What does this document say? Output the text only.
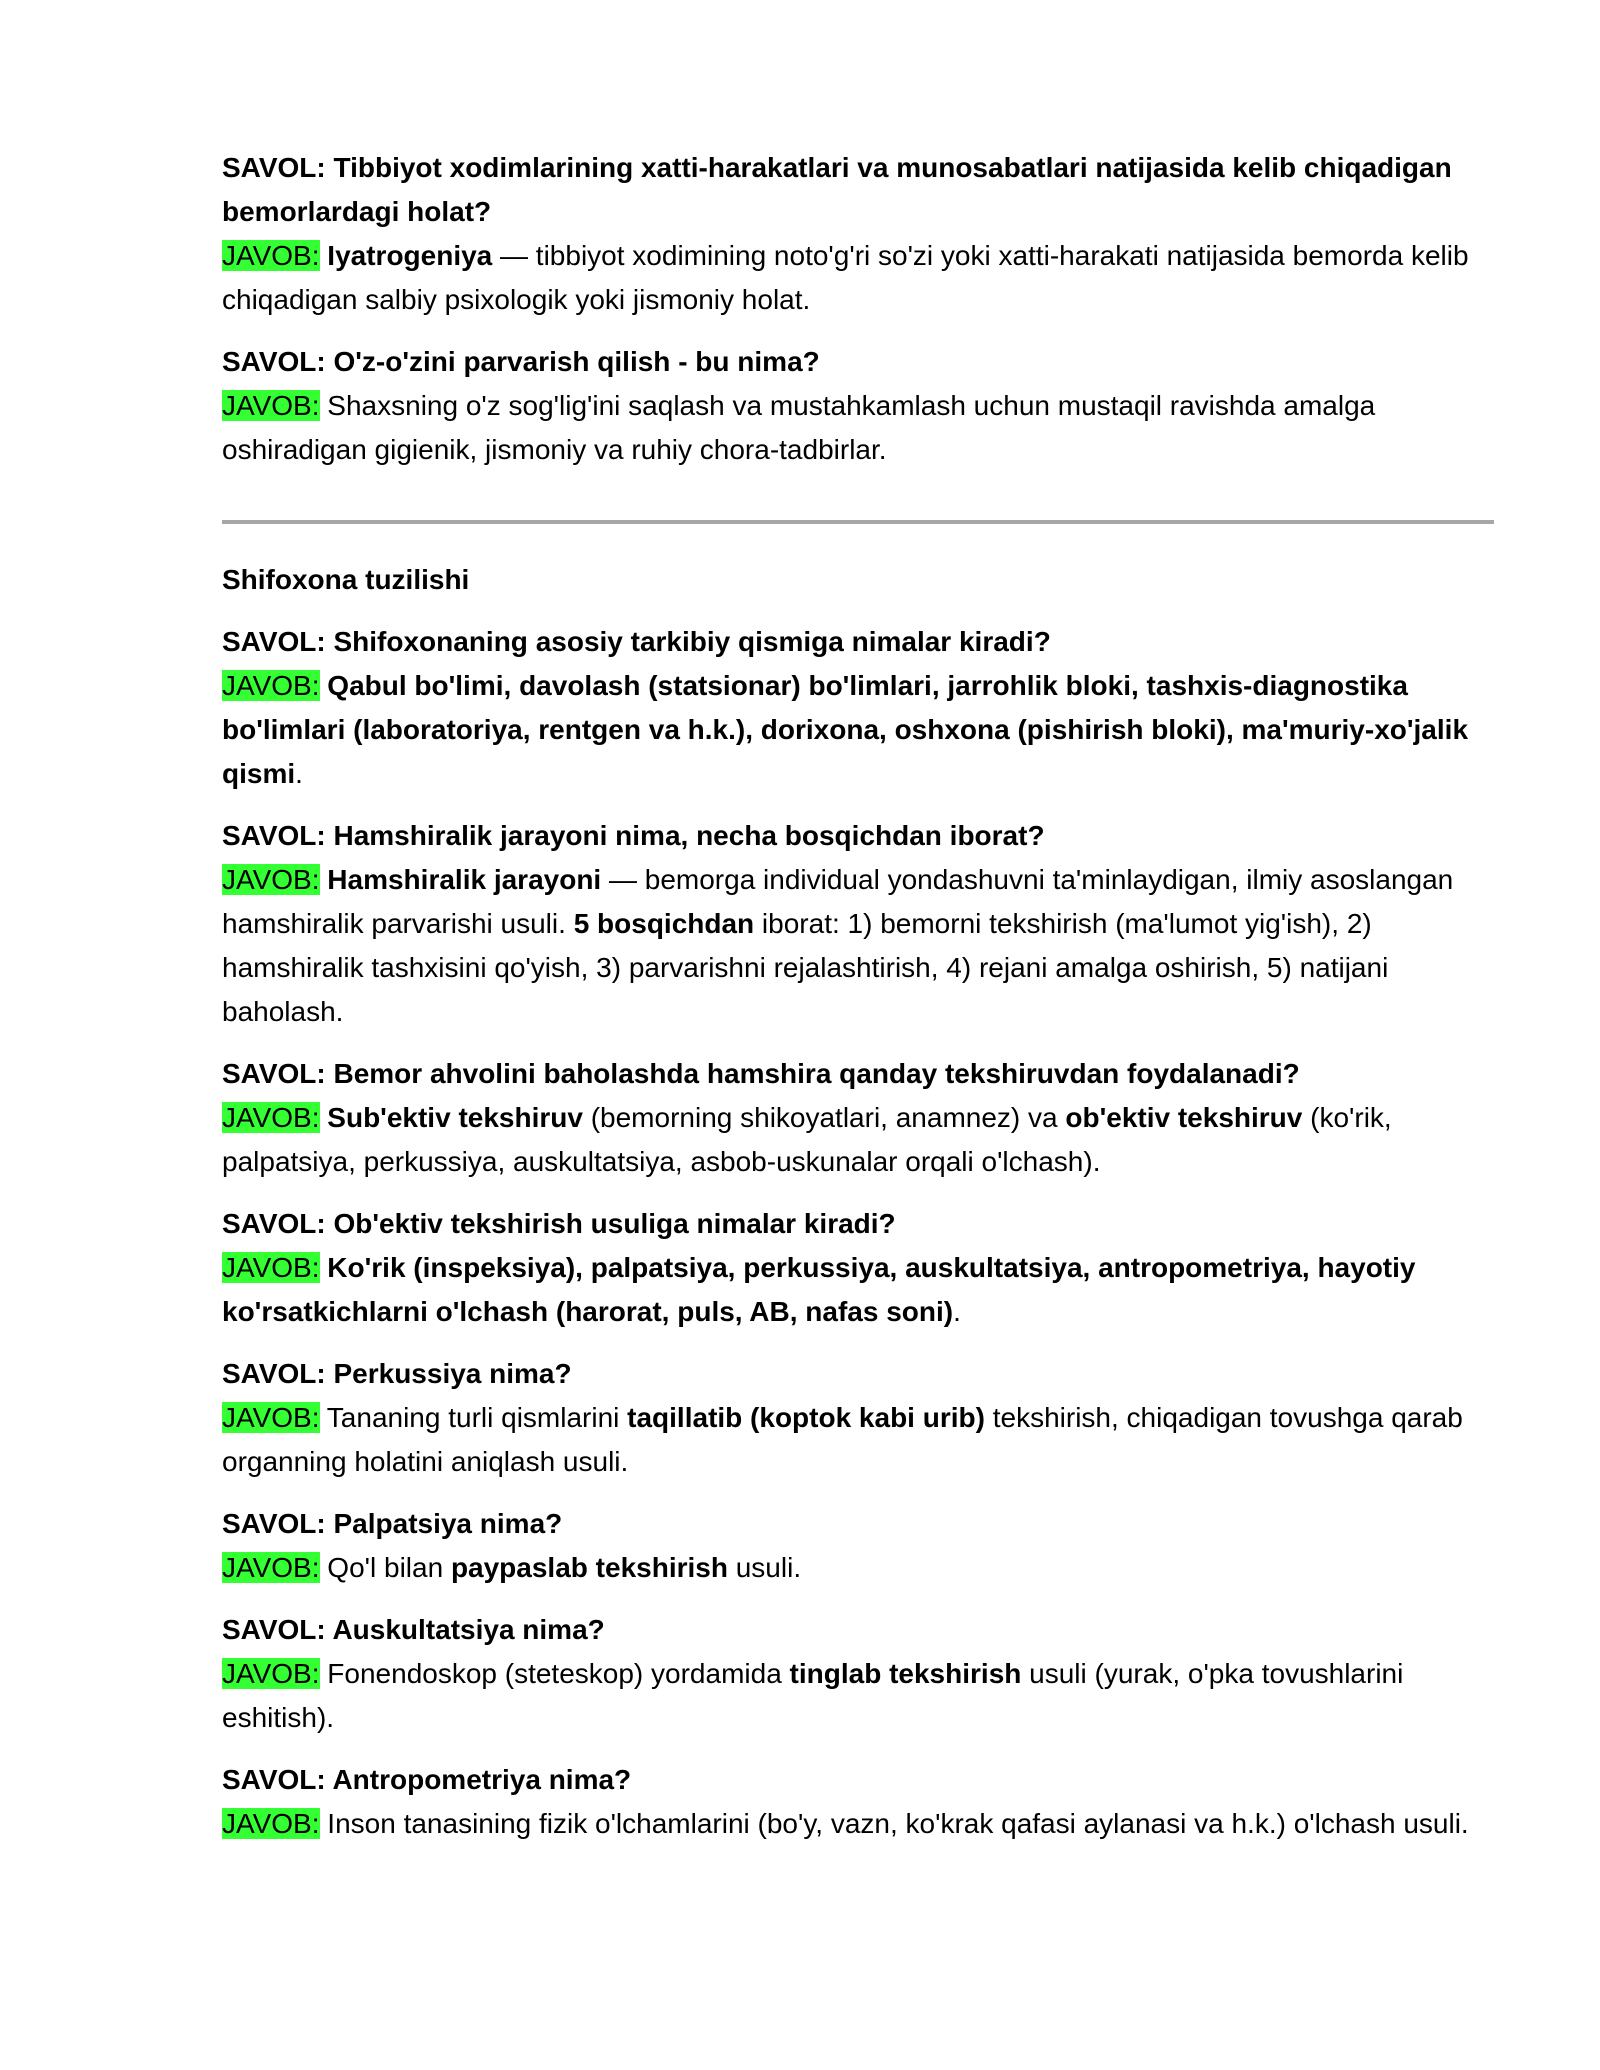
SAVOL: Tibbiyot xodimlarining xatti-harakatlari va munosabatlari natijasida kelib chiqadigan bemorlardagi holat?
JAVOB: Iyatrogeniya — tibbiyot xodimining noto'g'ri so'zi yoki xatti-harakati natijasida bemorda kelib chiqadigan salbiy psixologik yoki jismoniy holat.
SAVOL: O'z-o'zini parvarish qilish - bu nima?
JAVOB: Shaxsning o'z sog'lig'ini saqlash va mustahkamlash uchun mustaqil ravishda amalga oshiradigan gigienik, jismoniy va ruhiy chora-tadbirlar.
Shifoxona tuzilishi
SAVOL: Shifoxonaning asosiy tarkibiy qismiga nimalar kiradi?
JAVOB: Qabul bo'limi, davolash (statsionar) bo'limlari, jarrohlik bloki, tashxis-diagnostika bo'limlari (laboratoriya, rentgen va h.k.), dorixona, oshxona (pishirish bloki), ma'muriy-xo'jalik qismi.
SAVOL: Hamshiralik jarayoni nima, necha bosqichdan iborat?
JAVOB: Hamshiralik jarayoni — bemorga individual yondashuvni ta'minlaydigan, ilmiy asoslangan hamshiralik parvarishi usuli. 5 bosqichdan iborat: 1) bemorni tekshirish (ma'lumot yig'ish), 2) hamshiralik tashxisini qo'yish, 3) parvarishni rejalashtirish, 4) rejani amalga oshirish, 5) natijani baholash.
SAVOL: Bemor ahvolini baholashda hamshira qanday tekshiruvdan foydalanadi?
JAVOB: Sub'ektiv tekshiruv (bemorning shikoyatlari, anamnez) va ob'ektiv tekshiruv (ko'rik, palpatsiya, perkussiya, auskultatsiya, asbob-uskunalar orqali o'lchash).
SAVOL: Ob'ektiv tekshirish usuliga nimalar kiradi?
JAVOB: Ko'rik (inspeksiya), palpatsiya, perkussiya, auskultatsiya, antropometriya, hayotiy ko'rsatkichlarni o'lchash (harorat, puls, AB, nafas soni).
SAVOL: Perkussiya nima?
JAVOB: Tananing turli qismlarini taqillatib (koptok kabi urib) tekshirish, chiqadigan tovushga qarab organning holatini aniqlash usuli.
SAVOL: Palpatsiya nima?
JAVOB: Qo'l bilan paypaslab tekshirish usuli.
SAVOL: Auskultatsiya nima?
JAVOB: Fonendoskop (steteskop) yordamida tinglab tekshirish usuli (yurak, o'pka tovushlarini eshitish).
SAVOL: Antropometriya nima?
JAVOB: Inson tanasining fizik o'lchamlarini (bo'y, vazn, ko'krak qafasi aylanasi va h.k.) o'lchash usuli.
